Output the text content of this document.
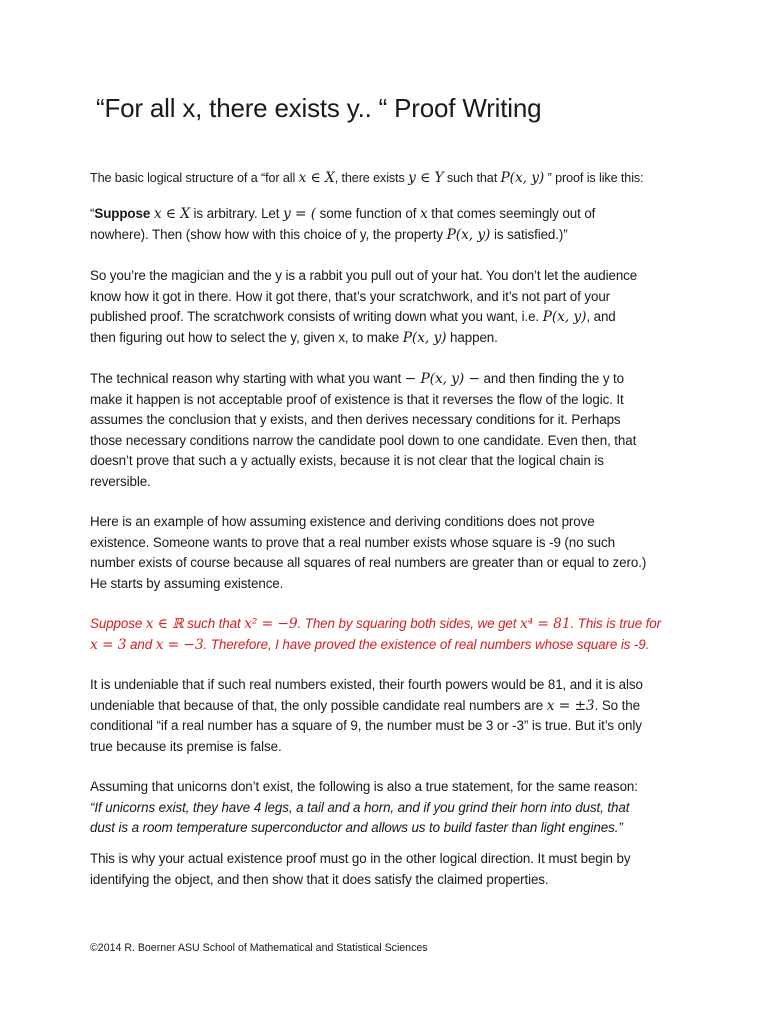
“For all x, there exists y.. “ Proof Writing

The basic logical structure of a “for all x ∈ X, there exists y ∈ Y such that P(x, y) ” proof is like this:

“Suppose x ∈ X is arbitrary. Let y = ( some function of x that comes seemingly out of
nowhere). Then (show how with this choice of y, the property P(x, y) is satisfied.)”

So you’re the magician and the y is a rabbit you pull out of your hat. You don’t let the audience
know how it got in there. How it got there, that’s your scratchwork, and it’s not part of your
published proof. The scratchwork consists of writing down what you want, i.e. P(x, y), and
then figuring out how to select the y, given x, to make P(x, y) happen.

The technical reason why starting with what you want − P(x, y) − and then finding the y to
make it happen is not acceptable proof of existence is that it reverses the flow of the logic. It
assumes the conclusion that y exists, and then derives necessary conditions for it. Perhaps
those necessary conditions narrow the candidate pool down to one candidate. Even then, that
doesn’t prove that such a y actually exists, because it is not clear that the logical chain is
reversible.

Here is an example of how assuming existence and deriving conditions does not prove
existence. Someone wants to prove that a real number exists whose square is -9 (no such
number exists of course because all squares of real numbers are greater than or equal to zero.)
He starts by assuming existence.

Suppose x ∈ ℝ such that x² = −9. Then by squaring both sides, we get x⁴ = 81. This is true for
x = 3 and x = −3. Therefore, I have proved the existence of real numbers whose square is -9.

It is undeniable that if such real numbers existed, their fourth powers would be 81, and it is also
undeniable that because of that, the only possible candidate real numbers are x = ±3. So the
conditional “if a real number has a square of 9, the number must be 3 or -3” is true. But it’s only
true because its premise is false.

Assuming that unicorns don’t exist, the following is also a true statement, for the same reason:
“If unicorns exist, they have 4 legs, a tail and a horn, and if you grind their horn into dust, that
dust is a room temperature superconductor and allows us to build faster than light engines.”

This is why your actual existence proof must go in the other logical direction. It must begin by
identifying the object, and then show that it does satisfy the claimed properties.

©2014 R. Boerner ASU School of Mathematical and Statistical Sciences
